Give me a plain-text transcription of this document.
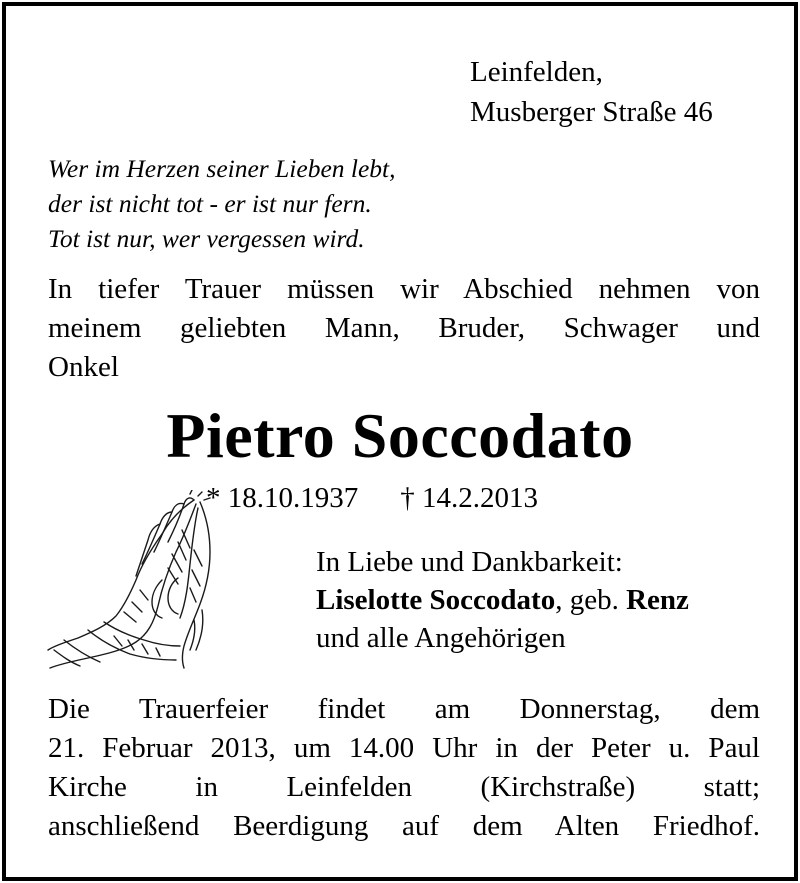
Leinfelden,
Musberger Straße 46
Wer im Herzen seiner Lieben lebt,
der ist nicht tot - er ist nur fern.
Tot ist nur, wer vergessen wird.
In tiefer Trauer müssen wir Abschied nehmen von
meinem geliebten Mann, Bruder, Schwager und
Onkel
Pietro Soccodato
* 18.10.1937 † 14.2.2013
In Liebe und Dankbarkeit:
Liselotte Soccodato, geb. Renz
und alle Angehörigen
Die Trauerfeier findet am Donnerstag, dem
21. Februar 2013, um 14.00 Uhr in der Peter u. Paul
Kirche in Leinfelden (Kirchstraße) statt;
anschließend Beerdigung auf dem Alten Friedhof.
